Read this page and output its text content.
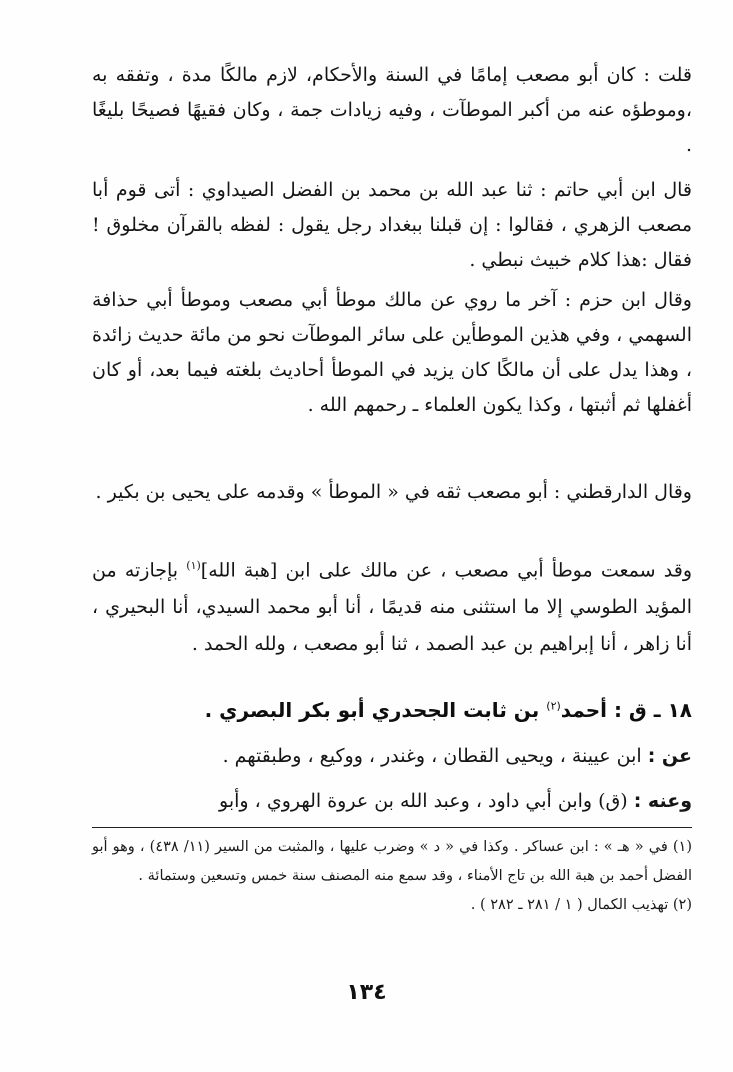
قلت : كان أبو مصعب إمامًا في السنة والأحكام، لازم مالكًا مدة ، وتفقه به ،وموطؤه عنه من أكبر الموطآت ، وفيه زيادات جمة ، وكان فقيهًا فصيحًا بليغًا .

قال ابن أبي حاتم : ثنا عبد الله بن محمد بن الفضل الصيداوي : أتى قوم أبا مصعب الزهري ، فقالوا : إن قبلنا ببغداد رجل يقول : لفظه بالقرآن مخلوق ! فقال :هذا كلام خبيث نبطي .

وقال ابن حزم : آخر ما روي عن مالك موطأ أبي مصعب وموطأ أبي حذافة السهمي ، وفي هذين الموطأين على سائر الموطآت نحو من مائة حديث زائدة ، وهذا يدل على أن مالكًا كان يزيد في الموطأ أحاديث بلغته فيما بعد، أو كان أغفلها ثم أثبتها ، وكذا يكون العلماء ـ رحمهم الله .

وقال الدارقطني : أبو مصعب ثقه في « الموطأ » وقدمه على يحيى بن بكير .

وقد سمعت موطأ أبي مصعب ، عن مالك على ابن [هبة الله]$^{(١)}$ بإجازته من المؤيد الطوسي إلا ما استثنى منه قديمًا ، أنا أبو محمد السيدي، أنا البحيري ، أنا زاهر ، أنا إبراهيم بن عبد الصمد ، ثنا أبو مصعب ، ولله الحمد .

١٨ ـ ق : أحمد$^{(٢)}$ بن ثابت الجحدري أبو بكر البصري .
عن : ابن عيينة ، ويحيى القطان ، وغندر ، ووكيع ، وطبقتهم .
وعنه : (ق) وابن أبي داود ، وعبد الله بن عروة الهروي ، وأبو

(١) في « هـ » : ابن عساكر . وكذا في « د » وضرب عليها ، والمثبت من السير (١١/ ٤٣٨) ، وهو أبو الفضل أحمد بن هبة الله بن تاج الأمناء ، وقد سمع منه المصنف سنة خمس وتسعين وستمائة .

(٢) تهذيب الكمال ( ١ / ٢٨١ ـ ٢٨٢ ) .

١٣٤
